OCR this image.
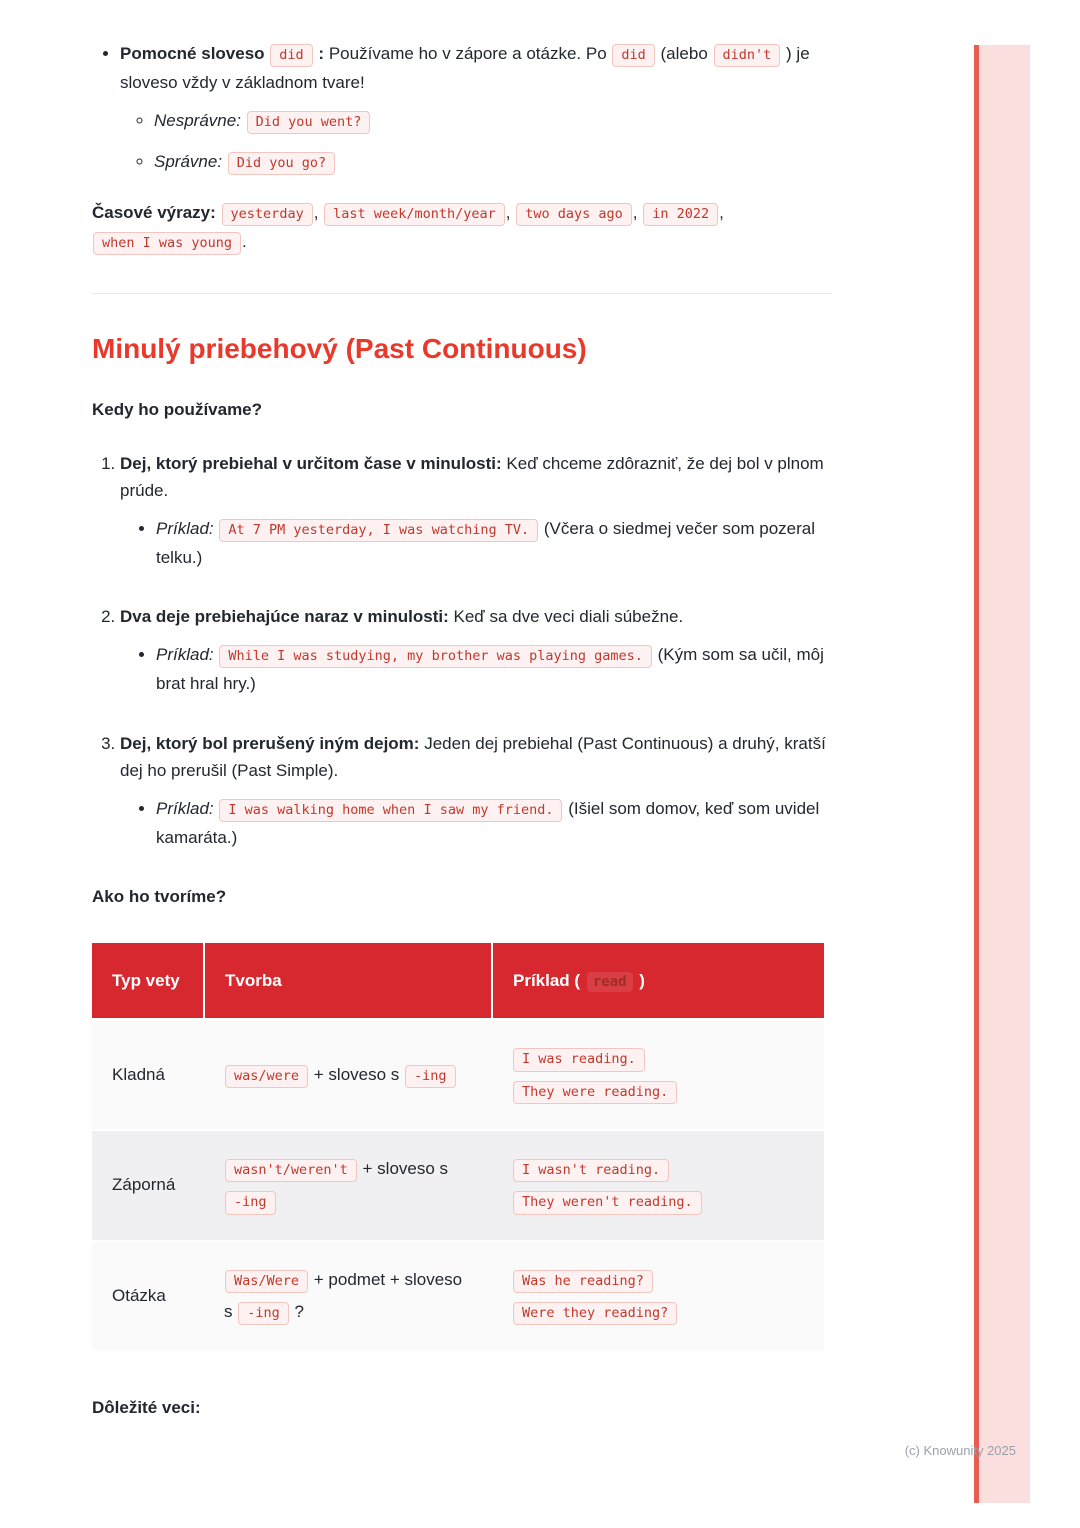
• Pomocné sloveso did : Používame ho v zápore a otázke. Po did (alebo didn't ) je sloveso vždy v základnom tvare!
◦ Nesprávne: Did you went?
◦ Správne: Did you go?

Časové výrazy: yesterday , last week/month/year , two days ago , in 2022 , when I was young .

Minulý priebehový (Past Continuous)
Kedy ho používame?
1. Dej, ktorý prebiehal v určitom čase v minulosti: Keď chceme zdôrazniť, že dej bol v plnom prúde.
• Príklad: At 7 PM yesterday, I was watching TV. (Včera o siedmej večer som pozeral telku.)
2. Dva deje prebiehajúce naraz v minulosti: Keď sa dve veci diali súbežne.
• Príklad: While I was studying, my brother was playing games. (Kým som sa učil, môj brat hral hry.)
3. Dej, ktorý bol prerušený iným dejom: Jeden dej prebiehal (Past Continuous) a druhý, kratší dej ho prerušil (Past Simple).
• Príklad: I was walking home when I saw my friend. (Išiel som domov, keď som uvidel kamaráta.)
Ako ho tvoríme?
Typ vety	Tvorba	Príklad ( read )
Kladná	was/were + sloveso s -ing	I was reading. They were reading.
Záporná	wasn't/weren't + sloveso s -ing	I wasn't reading. They weren't reading.
Otázka	Was/Were + podmet + sloveso s -ing ?	Was he reading? Were they reading?
Dôležité veci:
(c) Knowunity 2025
